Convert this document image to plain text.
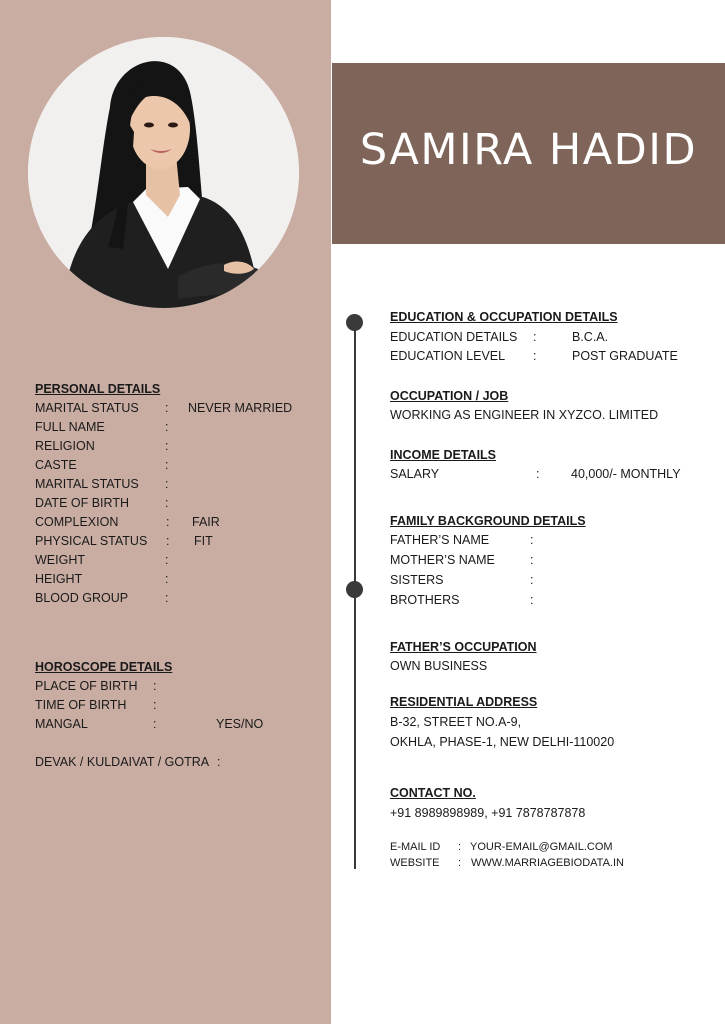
SAMIRA HADID
PERSONAL DETAILS
MARITAL STATUS : NEVER MARRIED
FULL NAME	:
RELIGION	:
CASTE	:
MARITAL STATUS :
DATE OF BIRTH	:
COMPLEXION	: FAIR
PHYSICAL STATUS : FIT
WEIGHT	:
HEIGHT	:
BLOOD GROUP	:
HOROSCOPE DETAILS
PLACE OF BIRTH :
TIME OF BIRTH :
MANGAL	:	YES/NO
DEVAK / KULDAIVAT / GOTRA :
EDUCATION & OCCUPATION DETAILS
EDUCATION DETAILS :	B.C.A.
EDUCATION LEVEL :	POST GRADUATE
OCCUPATION / JOB
WORKING AS ENGINEER IN XYZCO. LIMITED
INCOME DETAILS
SALARY	:	40,000/- MONTHLY
FAMILY BACKGROUND DETAILS
FATHER’S NAME	:
MOTHER’S NAME	:
SISTERS	:
BROTHERS	:
FATHER’S OCCUPATION
OWN BUSINESS
RESIDENTIAL ADDRESS
B-32, STREET NO.A-9,
OKHLA, PHASE-1, NEW DELHI-110020
CONTACT NO.
+91 8989898989, +91 7878787878
E-MAIL ID : YOUR-EMAIL@GMAIL.COM
WEBSITE : WWW.MARRIAGEBIODATA.IN
